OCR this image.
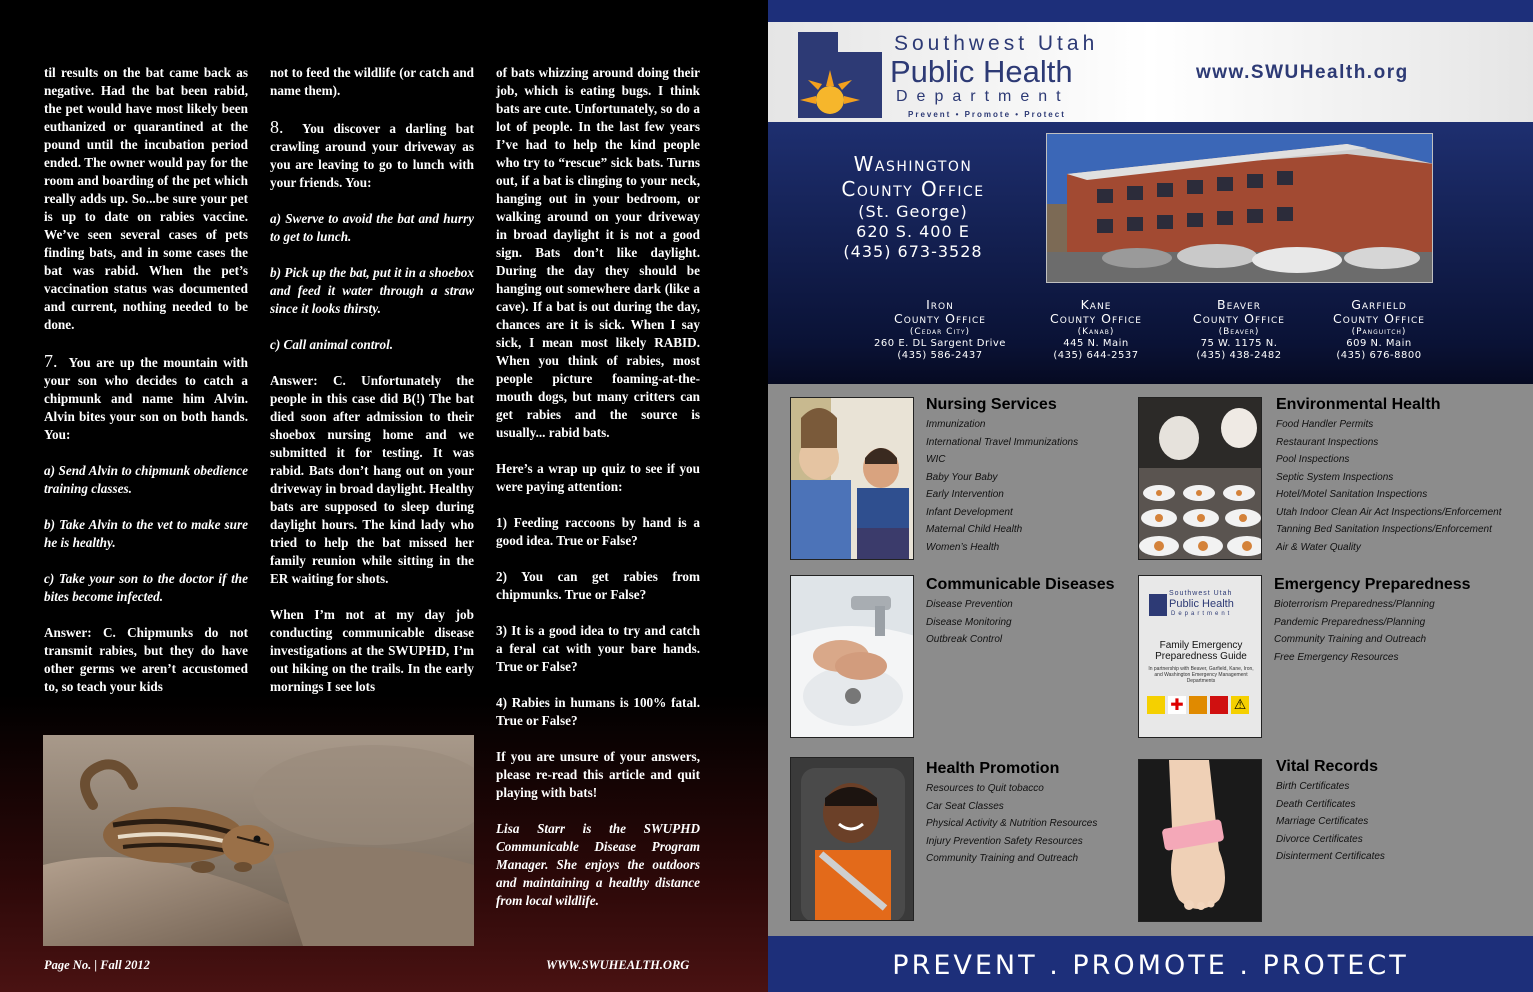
til results on the bat came back as negative. Had the bat been rabid, the pet would have most likely been euthanized or quarantined at the pound until the incubation period ended. The owner would pay for the room and boarding of the pet which really adds up. So...be sure your pet is up to date on rabies vaccine. We’ve seen several cases of pets finding bats, and in some cases the bat was rabid. When the pet’s vaccination status was documented and current, nothing needed to be done.

7. You are up the mountain with your son who decides to catch a chipmunk and name him Alvin. Alvin bites your son on both hands. You:

a) Send Alvin to chipmunk obedience training classes.

b) Take Alvin to the vet to make sure he is healthy.

c) Take your son to the doctor if the bites become infected.

Answer: C. Chipmunks do not transmit rabies, but they do have other germs we aren’t accustomed to, so teach your kids

not to feed the wildlife (or catch and name them).

8. You discover a darling bat crawling around your driveway as you are leaving to go to lunch with your friends. You:

a) Swerve to avoid the bat and hurry to get to lunch.

b) Pick up the bat, put it in a shoebox and feed it water through a straw since it looks thirsty.

c) Call animal control.

Answer: C. Unfortunately the people in this case did B(!) The bat died soon after admission to their shoebox nursing home and we submitted it for testing. It was rabid. Bats don’t hang out on your driveway in broad daylight. Healthy bats are supposed to sleep during daylight hours. The kind lady who tried to help the bat missed her family reunion while sitting in the ER waiting for shots.

When I’m not at my day job conducting communicable disease investigations at the SWUPHD, I’m out hiking on the trails. In the early mornings I see lots

of bats whizzing around doing their job, which is eating bugs. I think bats are cute. Unfortunately, so do a lot of people. In the last few years I’ve had to help the kind people who try to “rescue” sick bats. Turns out, if a bat is clinging to your neck, hanging out in your bedroom, or walking around on your driveway in broad daylight it is not a good sign. Bats don’t like daylight. During the day they should be hanging out somewhere dark (like a cave). If a bat is out during the day, chances are it is sick. When I say sick, I mean most likely RABID. When you think of rabies, most people picture foaming-at-the-mouth dogs, but many critters can get rabies and the source is usually... rabid bats.

Here’s a wrap up quiz to see if you were paying attention:

1) Feeding raccoons by hand is a good idea. True or False?

2) You can get rabies from chipmunks. True or False?

3) It is a good idea to try and catch a feral cat with your bare hands. True or False?

4) Rabies in humans is 100% fatal. True or False?

If you are unsure of your answers, please re-read this article and quit playing with bats!

Lisa Starr is the SWUPHD Communicable Disease Program Manager. She enjoys the outdoors and maintaining a healthy distance from local wildlife.

Page No. | Fall 2012	WWW.SWUHEALTH.ORG
Southwest Utah
Public Health
Department
Prevent • Promote • Protect
www.SWUHealth.org
Washington
County Office
(St. George)
620 S. 400 E
(435) 673-3528
Iron
County Office
(Cedar City)
260 E. DL Sargent Drive
(435) 586-2437
Kane
County Office
(Kanab)
445 N. Main
(435) 644-2537
Beaver
County Office
(Beaver)
75 W. 1175 N.
(435) 438-2482
Garfield
County Office
(Panguitch)
609 N. Main
(435) 676-8800
Nursing Services
Immunization
International Travel Immunizations
WIC
Baby Your Baby
Early Intervention
Infant Development
Maternal Child Health
Women’s Health
Environmental Health
Food Handler Permits
Restaurant Inspections
Pool Inspections
Septic System Inspections
Hotel/Motel Sanitation Inspections
Utah Indoor Clean Air Act Inspections/Enforcement
Tanning Bed Sanitation Inspections/Enforcement
Air & Water Quality
Communicable Diseases
Disease Prevention
Disease Monitoring
Outbreak Control
Southwest Utah
Public Health
Department
Family Emergency Preparedness Guide
In partnership with Beaver, Garfield, Kane, Iron, and Washington Emergency Management Departments
✚	⚠
Emergency Preparedness
Bioterrorism Preparedness/Planning
Pandemic Preparedness/Planning
Community Training and Outreach
Free Emergency Resources
Health Promotion
Resources to Quit tobacco
Car Seat Classes
Physical Activity & Nutrition Resources
Injury Prevention Safety Resources
Community Training and Outreach
Vital Records
Birth Certificates
Death Certificates
Marriage Certificates
Divorce Certificates
Disinterment Certificates
PREVENT . PROMOTE . PROTECT
